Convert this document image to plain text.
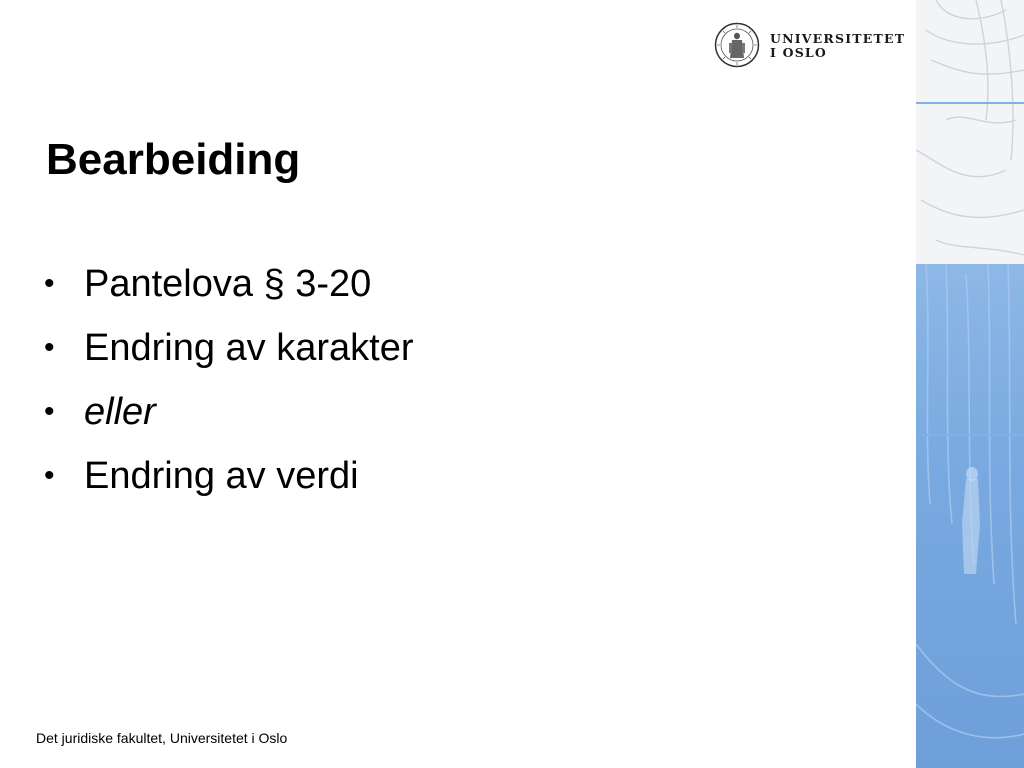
UNIVERSITETET
I OSLO
Bearbeiding
• Pantelova § 3-20
• Endring av karakter
• eller
• Endring av verdi
Det juridiske fakultet, Universitetet i Oslo
